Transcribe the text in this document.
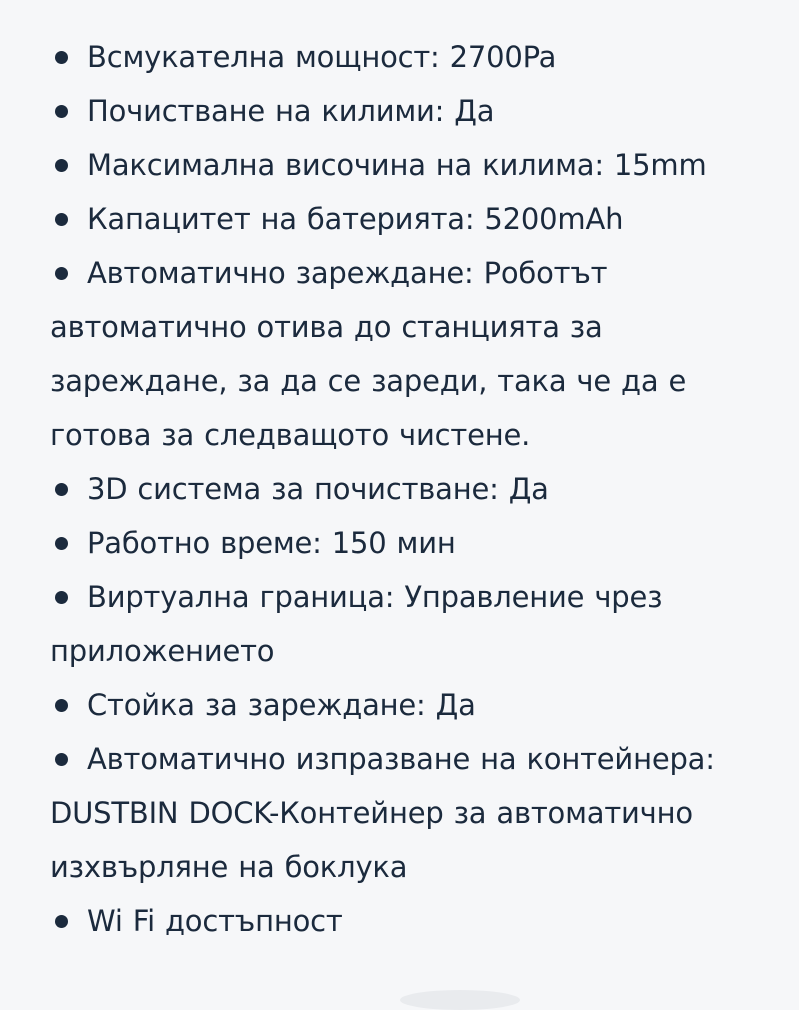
Всмукателна мощност: 2700Pa
Почистване на килими: Да
Максимална височина на килима: 15mm
Капацитет на батерията: 5200mAh
Автоматично зареждане: Роботът автоматично отива до станцията за зареждане, за да се зареди, така че да е готова за следващото чистене.
3D система за почистване: Да
Работно време: 150 мин
Виртуална граница: Управление чрез приложението
Стойка за зареждане: Да
Автоматично изпразване на контейнера: DUSTBIN DOCK-Контейнер за автоматично изхвърляне на боклука
Wi Fi достъпност
